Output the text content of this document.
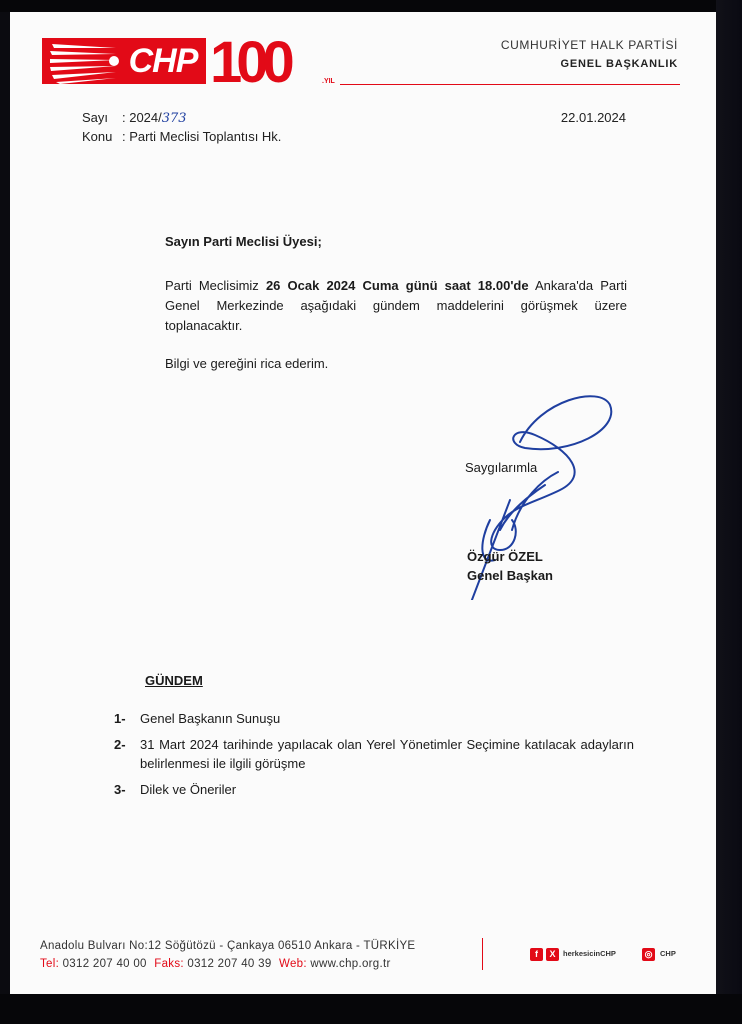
CHP 100	.YIL
CUMHURİYET HALK PARTİSİ
GENEL BAŞKANLIK
Sayı : 2024/373
Konu : Parti Meclisi Toplantısı Hk.
22.01.2024
Sayın Parti Meclisi Üyesi;
Parti Meclisimiz 26 Ocak 2024 Cuma günü saat 18.00'de Ankara'da Parti
Genel Merkezinde aşağıdaki gündem maddelerini görüşmek üzere
toplanacaktır.
Bilgi ve gereğini rica ederim.
Saygılarımla
Özgür ÖZEL
Genel Başkan
GÜNDEM
1- Genel Başkanın Sunuşu
2- 31 Mart 2024 tarihinde yapılacak olan Yerel Yönetimler Seçimine katılacak adayların belirlenmesi ile ilgili görüşme
3- Dilek ve Öneriler
Anadolu Bulvarı No:12 Söğütözü - Çankaya 06510 Ankara - TÜRKİYE
Tel: 0312 207 40 00 Faks: 0312 207 40 39 Web: www.chp.org.tr
f	X	herkesicinCHP	◎	CHP
